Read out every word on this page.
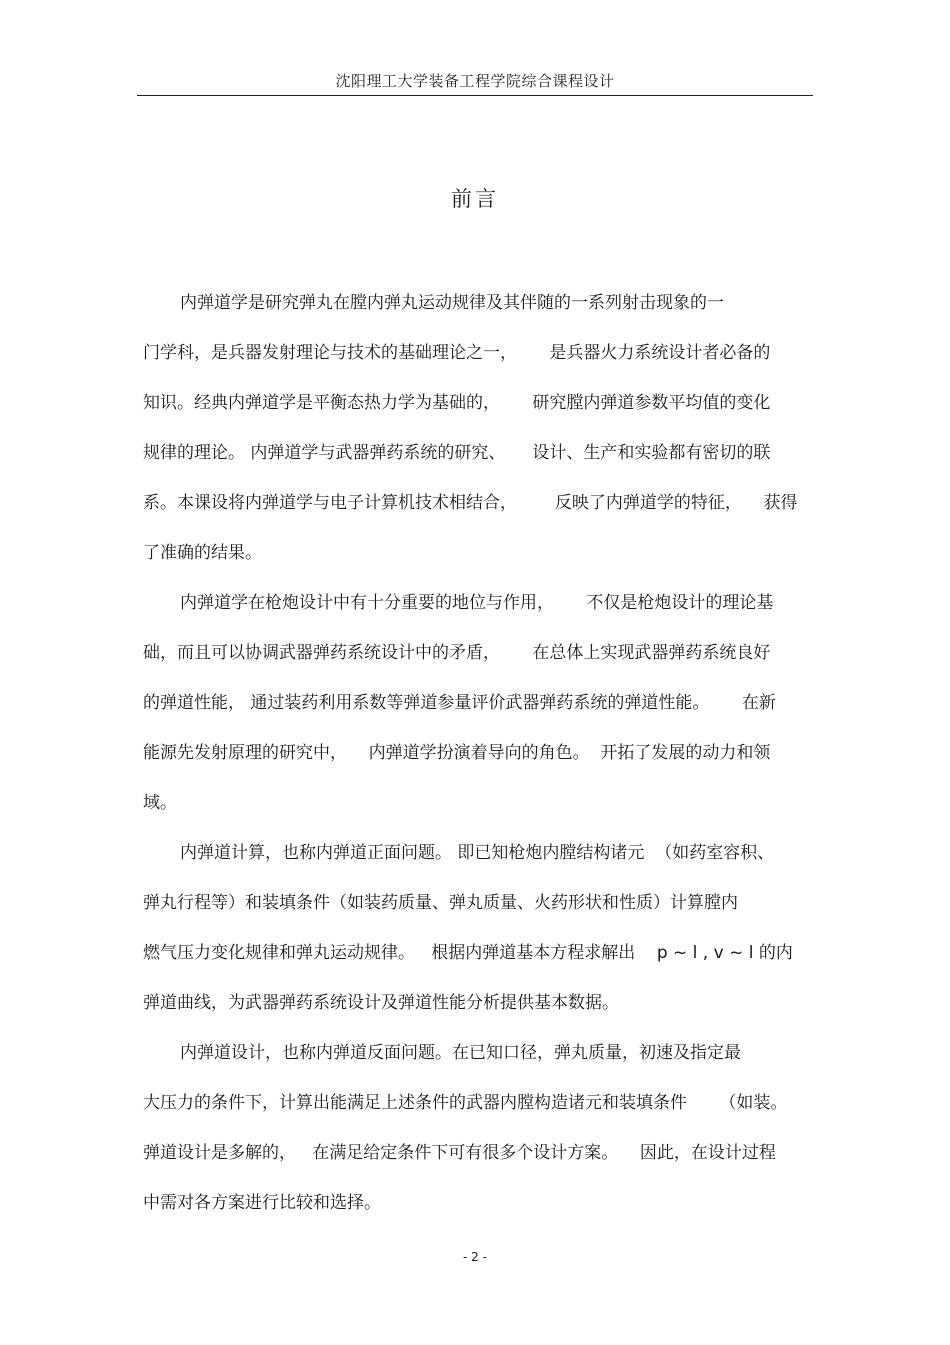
沈阳理工大学装备工程学院综合课程设计
前言
内弹道学是研究弹丸在膛内弹丸运动规律及其伴随的一系列射击现象的一
门学科，是兵器发射理论与技术的基础理论之一，      是兵器火力系统设计者必备的
知识。经典内弹道学是平衡态热力学为基础的，      研究膛内弹道参数平均值的变化
规律的理论。 内弹道学与武器弹药系统的研究、     设计、生产和实验都有密切的联
系。本课设将内弹道学与电子计算机技术相结合，       反映了内弹道学的特征，    获得
了准确的结果。
内弹道学在枪炮设计中有十分重要的地位与作用，      不仅是枪炮设计的理论基
础，而且可以协调武器弹药系统设计中的矛盾，      在总体上实现武器弹药系统良好
的弹道性能， 通过装药利用系数等弹道参量评价武器弹药系统的弹道性能。      在新
能源先发射原理的研究中，    内弹道学扮演着导向的角色。  开拓了发展的动力和领
域。
内弹道计算，也称内弹道正面问题。 即已知枪炮内膛结构诸元  （如药室容积、
弹丸行程等）和装填条件（如装药质量、弹丸质量、火药形状和性质）计算膛内
燃气压力变化规律和弹丸运动规律。   根据内弹道基本方程求解出    p ~ l , v ~ l 的内
弹道曲线，为武器弹药系统设计及弹道性能分析提供基本数据。
内弹道设计，也称内弹道反面问题。在已知口径，弹丸质量，初速及指定最
大压力的条件下，计算出能满足上述条件的武器内膛构造诸元和装填条件      （如装。
弹道设计是多解的，   在满足给定条件下可有很多个设计方案。    因此，在设计过程
中需对各方案进行比较和选择。
- 2 -
